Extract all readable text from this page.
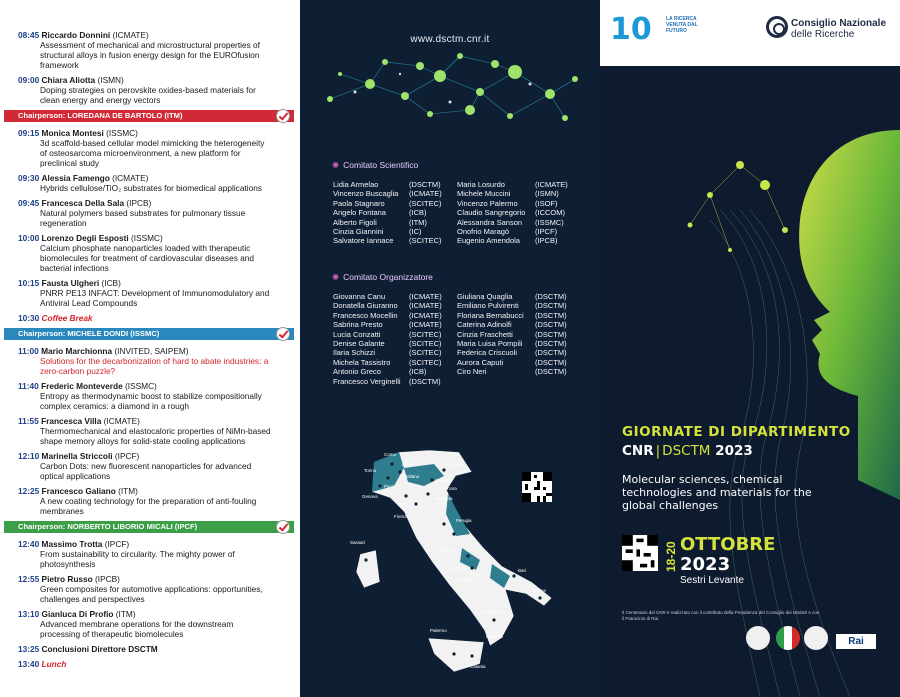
08:45 Riccardo Donnini (ICMATE)
Assessment of mechanical and microstructural properties of
structural alloys in fusion energy design for the EUROfusion framework
09:00 Chiara Aliotta (ISMN)
Doping strategies on perovskite oxides-based materials for
clean energy and energy vectors
Chairperson: LOREDANA DE BARTOLO (ITM)
09:15 Monica Montesi (ISSMC)
3d scaffold-based cellular model mimicking the heterogeneity
of osteosarcoma microenvironment, a new platform for
preclinical study
09:30 Alessia Famengo (ICMATE)
Hybrids cellulose/TiO₂ substrates for biomedical applications
09:45 Francesca Della Sala (IPCB)
Natural polymers based substrates for pulmonary tissue
regeneration
10:00 Lorenzo Degli Esposti (ISSMC)
Calcium phosphate nanoparticles loaded with therapeutic
biomolecules for treatment of cardiovascular diseases and
bacterial infections
10:15 Fausta Ulgheri (ICB)
PNRR PE13 INFACT: Development of Immunomodulatory and
Antiviral Lead Compounds
10:30 Coffee Break
Chairperson: MICHELE DONDI (ISSMC)
11:00 Mario Marchionna (INVITED, SAIPEM)
Solutions for the decarbonization of hard to abate industries: a
zero-carbon puzzle?
11:40 Frederic Monteverde (ISSMC)
Entropy as thermodynamic boost to stabilize compositionally
complex ceramics: a diamond in a rough
11:55 Francesca Villa (ICMATE)
Thermomechanical and elastocaloric properties of NiMn-based
shape memory alloys for solid-state cooling applications
12:10 Marinella Striccoli (IPCF)
Carbon Dots: new fluorescent nanoparticles for advanced
optical applications
12:25 Francesco Galiano (ITM)
A new coating technology for the preparation of anti-fouling
membranes
Chairperson: NORBERTO LIBORIO MICALI (IPCF)
12:40 Massimo Trotta (IPCF)
From sustainability to circularity. The mighty power of
photosynthesis
12:55 Pietro Russo (IPCB)
Green composites for automotive applications: opportunities,
challenges and perspectives
13:10 Gianluca Di Profio (ITM)
Advanced membrane operations for the downstream
processing of therapeutic biomolecules
13:25 Conclusioni Direttore DSCTM
13:40 Lunch
www.dsctm.cnr.it
✺ Comitato Scientifico
Lidia Armelao	(DSCTM)
Vincenzo Buscaglia (ICMATE)
Paola Stagnaro	(SCITEC)
Angelo Fontana	(ICB)
Alberto Figoli	(ITM)
Cinzia Giannini	(IC)
Salvatore Iannace (SCITEC)
Maria Losurdo	(ICMATE)
Michele Muccini	(ISMN)
Vincenzo Palermo (ISOF)
Claudio Sangregorio (ICCOM)
Alessandra Sanson (ISSMC)
Onofrio Maragò	(IPCF)
Eugenio Amendola (IPCB)
✺ Comitato Organizzatore
Giovanna Canu	(ICMATE)
Donatella Giuranno (ICMATE)
Francesco Mocellin (ICMATE)
Sabrina Presto	(ICMATE)
Lucia Conzatti	(SCITEC)
Denise Galante	(SCITEC)
Ilaria Schizzi	(SCITEC)
Michela Tassistro (SCITEC)
Antonio Greco	(ICB)
Francesco Verginelli (DSCTM)
Giuliana Quaglia	(DSCTM)
Emiliano Pulvirenti (DSCTM)
Floriana Bernabucci (DSCTM)
Caterina Adinolfi	(DSCTM)
Cinzia Fraschetti	(DSCTM)
Maria Luisa Pompili (DSCTM)
Federica Criscuoli (DSCTM)
Aurora Caputi	(DSCTM)
Ciro Neri	(DSCTM)
Como
Lecco
Torino
Milano
Trieste
Padova
Ferrara
Bologna
Forlì
Genova
Pisa
Firenze
Perugia
Roma
Sassari
Pozzuoli
Portici
Napoli
Bari
Lecce
Rende (CS)
Palermo
Messina
Catania
Pavia
10	LA RICERCA VENUTA DAL FUTURO
Consiglio Nazionale
delle Ricerche
GIORNATE DI DIPARTIMENTO
CNR | DSCTM 2023
Molecular sciences, chemical technologies and materials for the global challenges
18-20 OTTOBRE
2023
Sestri Levante
Il Centenario del CNR è realizzato con il contributo della Presidenza del Consiglio dei Ministri e con il Patrocinio di Rai.
Rai
